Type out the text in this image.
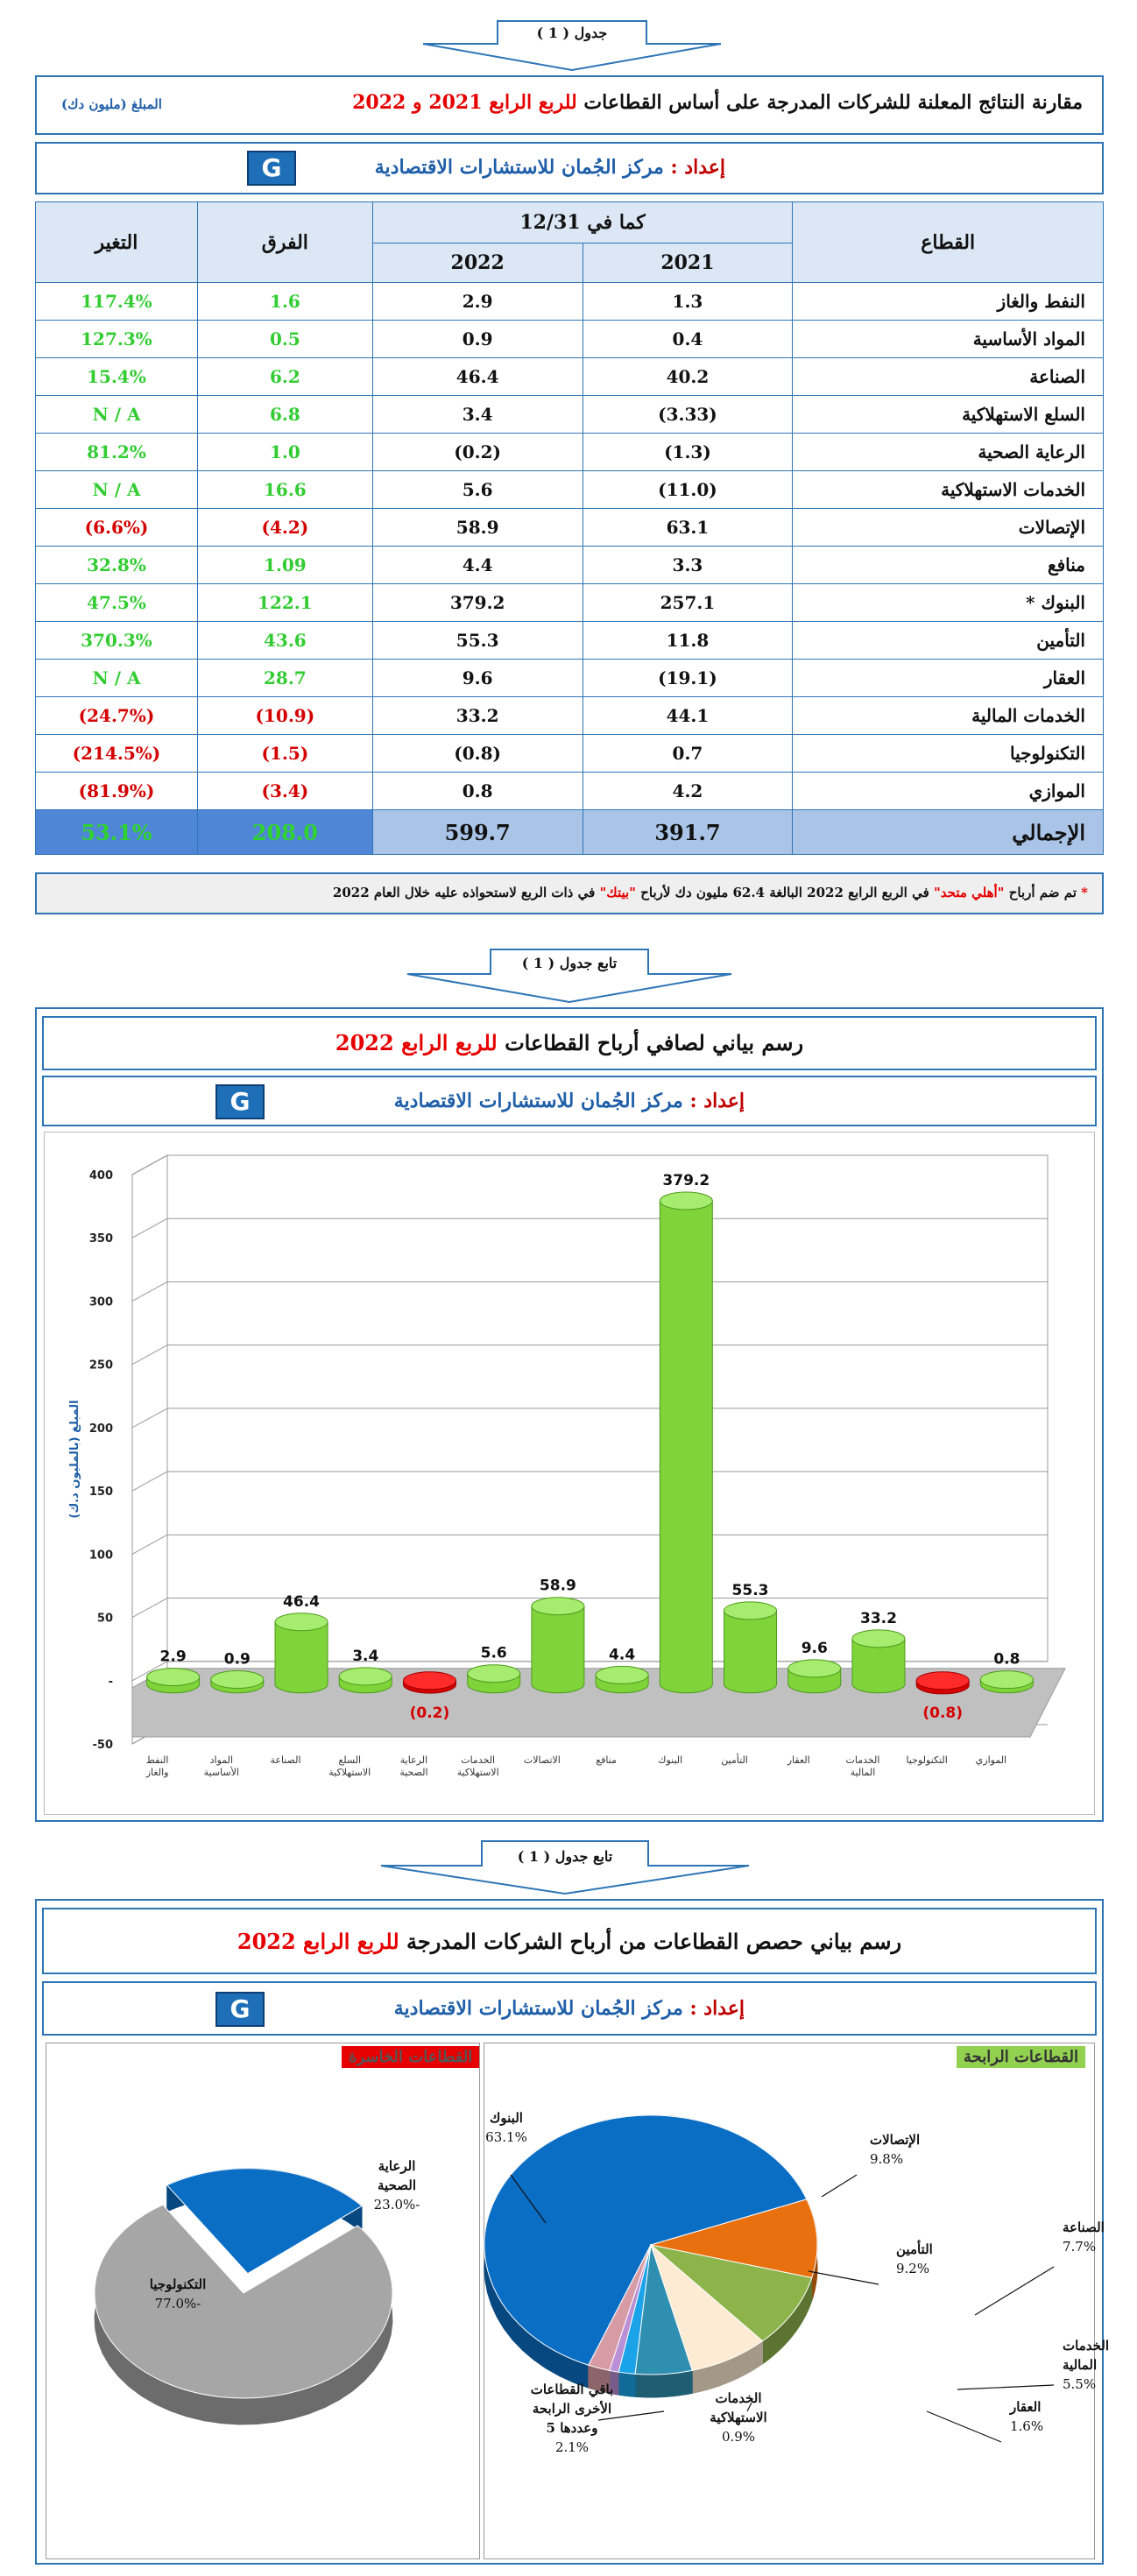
جدول ( 1 )
مقارنة النتائج المعلنة للشركات المدرجة على أساس القطاعات للربع الرابع 2021 و 2022
المبلغ (مليون دك)
إعداد : مركز الجُمان للاستشارات الاقتصادية
G
القطاع	كما في 12/31		الفرق	التغير
	2021	2022		
النفط والغاز	1.3	2.9	1.6	117.4%
المواد الأساسية	0.4	0.9	0.5	127.3%
الصناعة	40.2	46.4	6.2	15.4%
السلع الاستهلاكية	(3.33)	3.4	6.8	N / A
الرعاية الصحية	(1.3)	(0.2)	1.0	81.2%
الخدمات الاستهلاكية	(11.0)	5.6	16.6	N / A
الإتصالات	63.1	58.9	(4.2)	(6.6%)
منافع	3.3	4.4	1.09	32.8%
البنوك *	257.1	379.2	122.1	47.5%
التأمين	11.8	55.3	43.6	370.3%
العقار	(19.1)	9.6	28.7	N / A
الخدمات المالية	44.1	33.2	(10.9)	(24.7%)
التكنولوجيا	0.7	(0.8)	(1.5)	(214.5%)
الموازي	4.2	0.8	(3.4)	(81.9%)
الإجمالي	391.7	599.7	208.0	53.1%
* تم ضم أرباح "أهلي متحد" في الربع الرابع 2022 البالغة 62.4 مليون دك لأرباح "بيتك" في ذات الربع لاستحواذه عليه خلال العام 2022
تابع جدول ( 1 )
رسم بياني لصافي أرباح القطاعات للربع الرابع 2022
إعداد : مركز الجُمان للاستشارات الاقتصادية
G
400
350
300
250
200
150
100
50
-
-50
المبلغ (بالمليون د.ك)
2.9
النفط والغاز
0.9
المواد الأساسية
46.4
الصناعة
3.4
السلع الاستهلاكية
(0.2)
الرعاية الصحية
5.6
الخدمات الاستهلاكية
58.9
الاتصالات
4.4
منافع
379.2
البنوك
55.3
التأمين
9.6
العقار
33.2
الخدمات المالية
(0.8)
التكنولوجيا
0.8
الموازي
تابع جدول ( 1 )
رسم بياني حصص القطاعات من أرباح الشركات المدرجة للربع الرابع 2022
إعداد : مركز الجُمان للاستشارات الاقتصادية
G
التكنولوجيا -77.0%
الرعاية الصحية -23.0%
البنوك 63.1%	الإتصالات 9.8%
التأمين 9.2%
الصناعة 7.7%
الخدمات المالية 5.5%
العقار 1.6%
الخدمات الاستهلاكية 0.9%
باقي القطاعات الأخرى الرابحة وعددها 5 2.1%
القطاعات الخاسرة	القطاعات الرابحة
